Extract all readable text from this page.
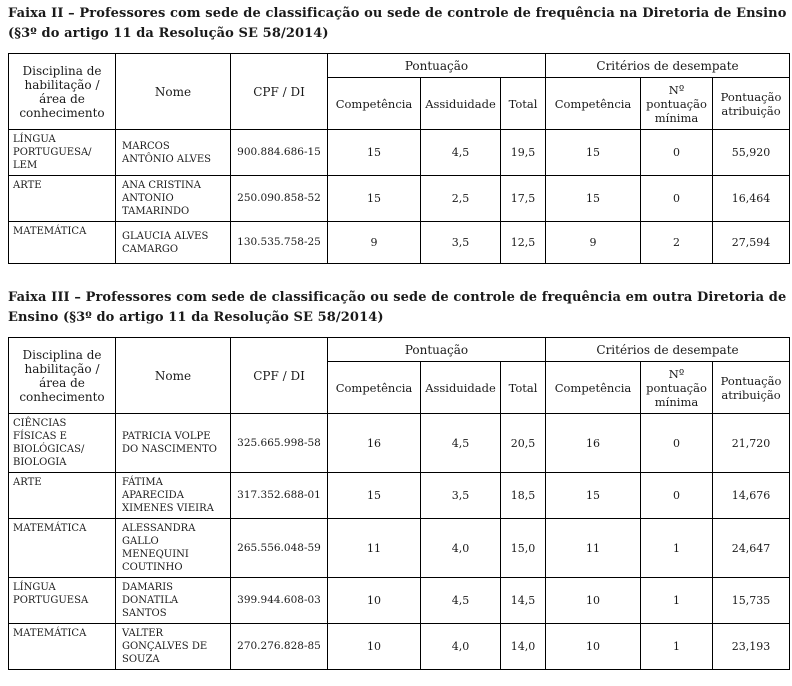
Faixa II – Professores com sede de classificação ou sede de controle de frequência na Diretoria de Ensino (§3º do artigo 11 da Resolução SE 58/2014)

Disciplina de habilitação / área de conhecimento	Nome	CPF / DI	Pontuação			Critérios de desempate		
			Competência	Assiduidade	Total	Competência	Nº pontuação mínima	Pontuação atribuição
LÍNGUA PORTUGUESA/ LEM	MARCOS ANTÔNIO ALVES	900.884.686-15	15	4,5	19,5	15	0	55,920
ARTE	ANA CRISTINA ANTONIO TAMARINDO	250.090.858-52	15	2,5	17,5	15	0	16,464
MATEMÁTICA	GLAUCIA ALVES CAMARGO	130.535.758-25	9	3,5	12,5	9	2	27,594

Faixa III – Professores com sede de classificação ou sede de controle de frequência em outra Diretoria de Ensino (§3º do artigo 11 da Resolução SE 58/2014)

Disciplina de habilitação / área de conhecimento	Nome	CPF / DI	Pontuação			Critérios de desempate		
			Competência	Assiduidade	Total	Competência	Nº pontuação mínima	Pontuação atribuição
CIÊNCIAS FÍSICAS E BIOLÓGICAS/ BIOLOGIA	PATRICIA VOLPE DO NASCIMENTO	325.665.998-58	16	4,5	20,5	16	0	21,720
ARTE	FÁTIMA APARECIDA XIMENES VIEIRA	317.352.688-01	15	3,5	18,5	15	0	14,676
MATEMÁTICA	ALESSANDRA GALLO MENEQUINI COUTINHO	265.556.048-59	11	4,0	15,0	11	1	24,647
LÍNGUA PORTUGUESA	DAMARIS DONATILA SANTOS	399.944.608-03	10	4,5	14,5	10	1	15,735
MATEMÁTICA	VALTER GONÇALVES DE SOUZA	270.276.828-85	10	4,0	14,0	10	1	23,193
